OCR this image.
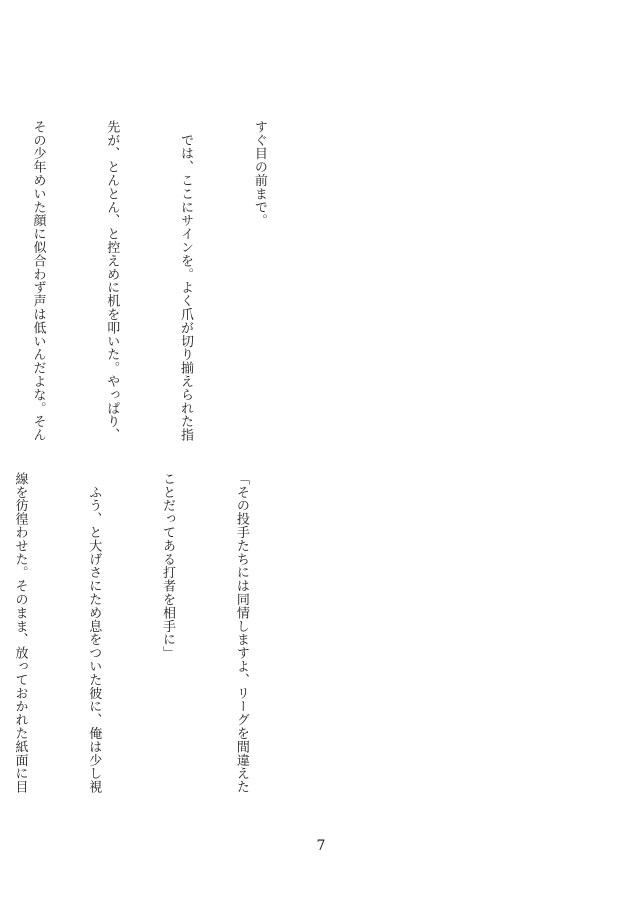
すぐ目の前まで。

　では、ここにサインを。よく爪が切り揃えられた指

先が、とんとん、と控えめに机を叩いた。やっぱり、

その少年めいた顔に似合わず声は低いんだよな。そん

「その投手たちには同情しますよ、リーグを間違えた

ことだってある打者を相手に」

　ふう、と大げさにため息をついた彼に、俺は少し視

線を彷徨わせた。そのまま、放っておかれた紙面に目

7
